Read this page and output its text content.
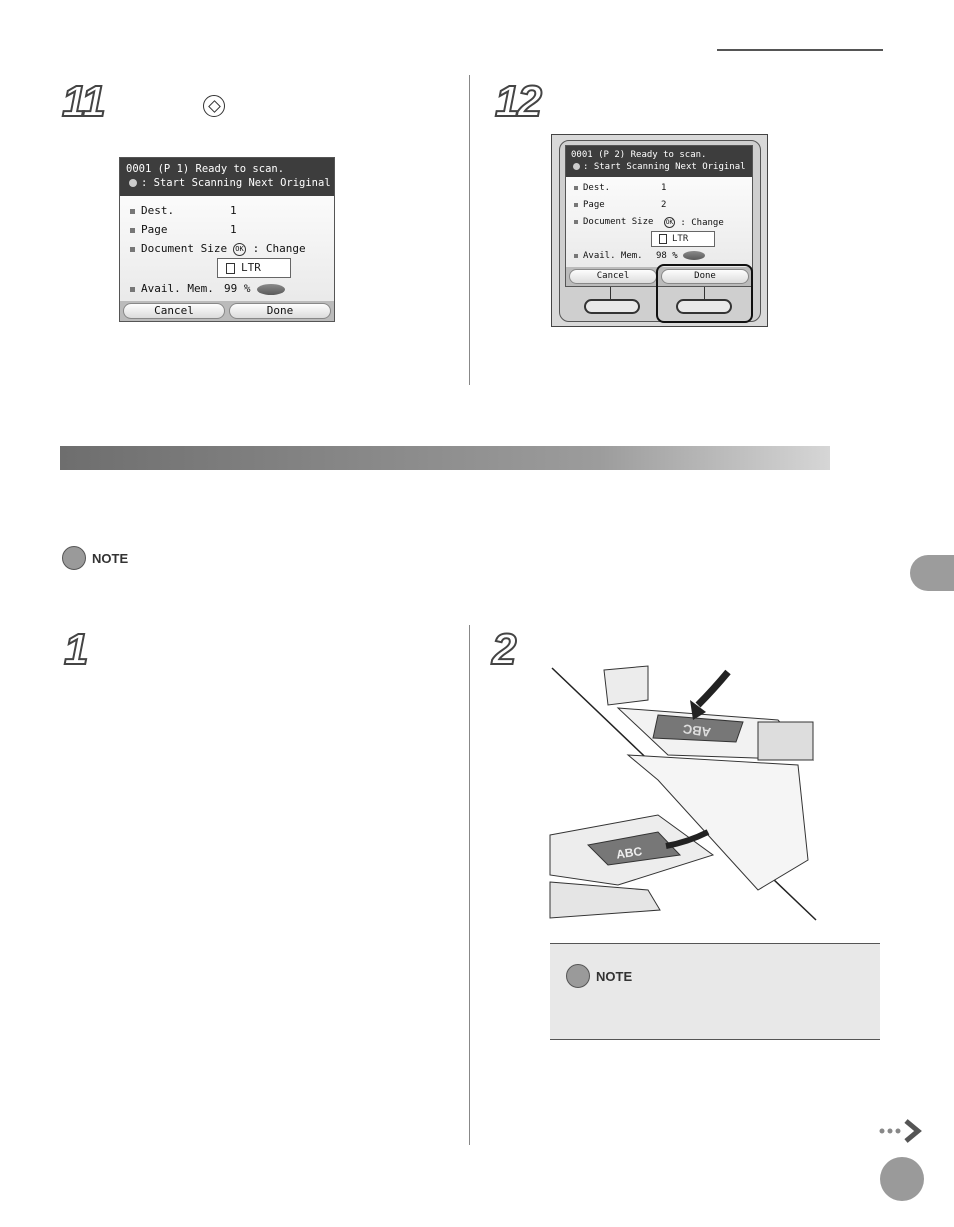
11
0001 (P 1) Ready to scan.
: Start Scanning Next Original
Dest.	1
Page	1
Document Size	OK : Change
LTR
Avail. Mem. 99 %
Cancel	Done
12
0001 (P 2) Ready to scan.
: Start Scanning Next Original
Dest.	1
Page	2
Document Size	OK : Change
LTR
Avail. Mem. 98 %
Cancel	Done
NOTE
1	2
ABC
ABC
NOTE
